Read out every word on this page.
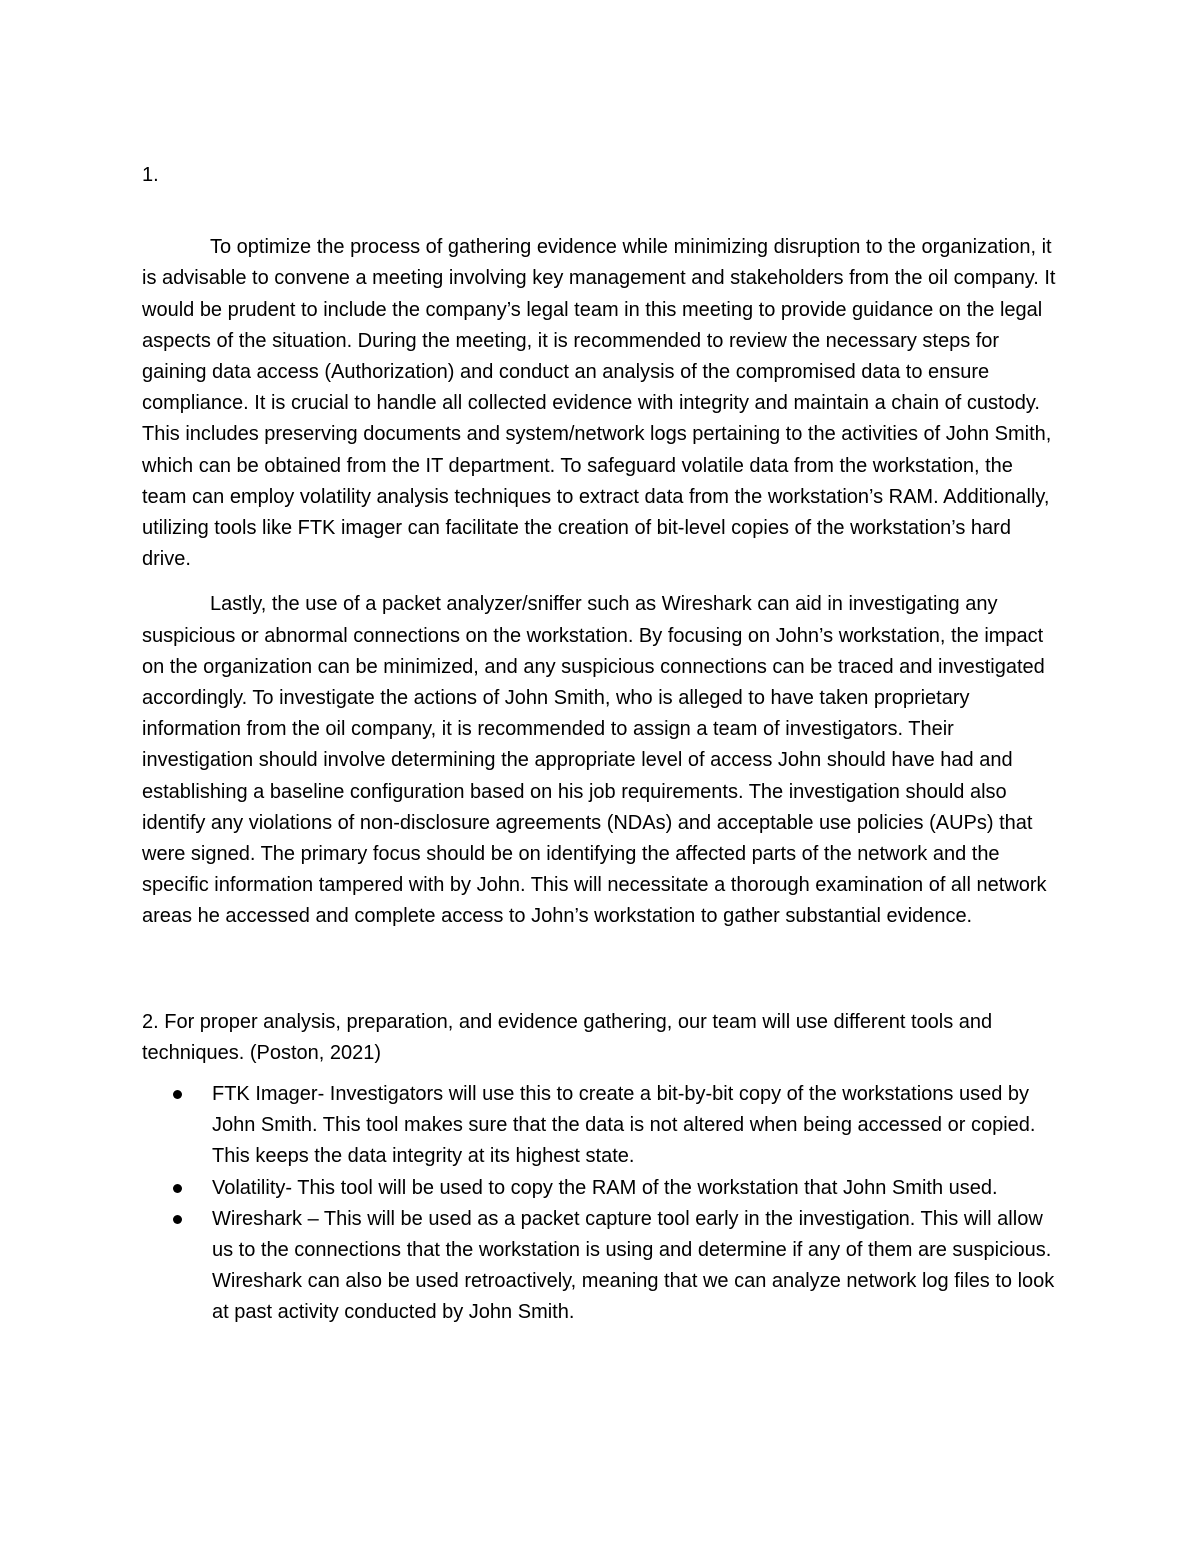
1.

To optimize the process of gathering evidence while minimizing disruption to the organization, it is advisable to convene a meeting involving key management and stakeholders from the oil company. It would be prudent to include the company’s legal team in this meeting to provide guidance on the legal aspects of the situation. During the meeting, it is recommended to review the necessary steps for gaining data access (Authorization) and conduct an analysis of the compromised data to ensure compliance. It is crucial to handle all collected evidence with integrity and maintain a chain of custody. This includes preserving documents and system/network logs pertaining to the activities of John Smith, which can be obtained from the IT department. To safeguard volatile data from the workstation, the team can employ volatility analysis techniques to extract data from the workstation’s RAM. Additionally, utilizing tools like FTK imager can facilitate the creation of bit-level copies of the workstation’s hard drive.

Lastly, the use of a packet analyzer/sniffer such as Wireshark can aid in investigating any suspicious or abnormal connections on the workstation. By focusing on John’s workstation, the impact on the organization can be minimized, and any suspicious connections can be traced and investigated accordingly. To investigate the actions of John Smith, who is alleged to have taken proprietary information from the oil company, it is recommended to assign a team of investigators. Their investigation should involve determining the appropriate level of access John should have had and establishing a baseline configuration based on his job requirements. The investigation should also identify any violations of non-disclosure agreements (NDAs) and acceptable use policies (AUPs) that were signed. The primary focus should be on identifying the affected parts of the network and the specific information tampered with by John. This will necessitate a thorough examination of all network areas he accessed and complete access to John’s workstation to gather substantial evidence.

2. For proper analysis, preparation, and evidence gathering, our team will use different tools and techniques. (Poston, 2021)

FTK Imager- Investigators will use this to create a bit-by-bit copy of the workstations used by John Smith. This tool makes sure that the data is not altered when being accessed or copied. This keeps the data integrity at its highest state.
Volatility- This tool will be used to copy the RAM of the workstation that John Smith used.
Wireshark – This will be used as a packet capture tool early in the investigation. This will allow us to the connections that the workstation is using and determine if any of them are suspicious. Wireshark can also be used retroactively, meaning that we can analyze network log files to look at past activity conducted by John Smith.
